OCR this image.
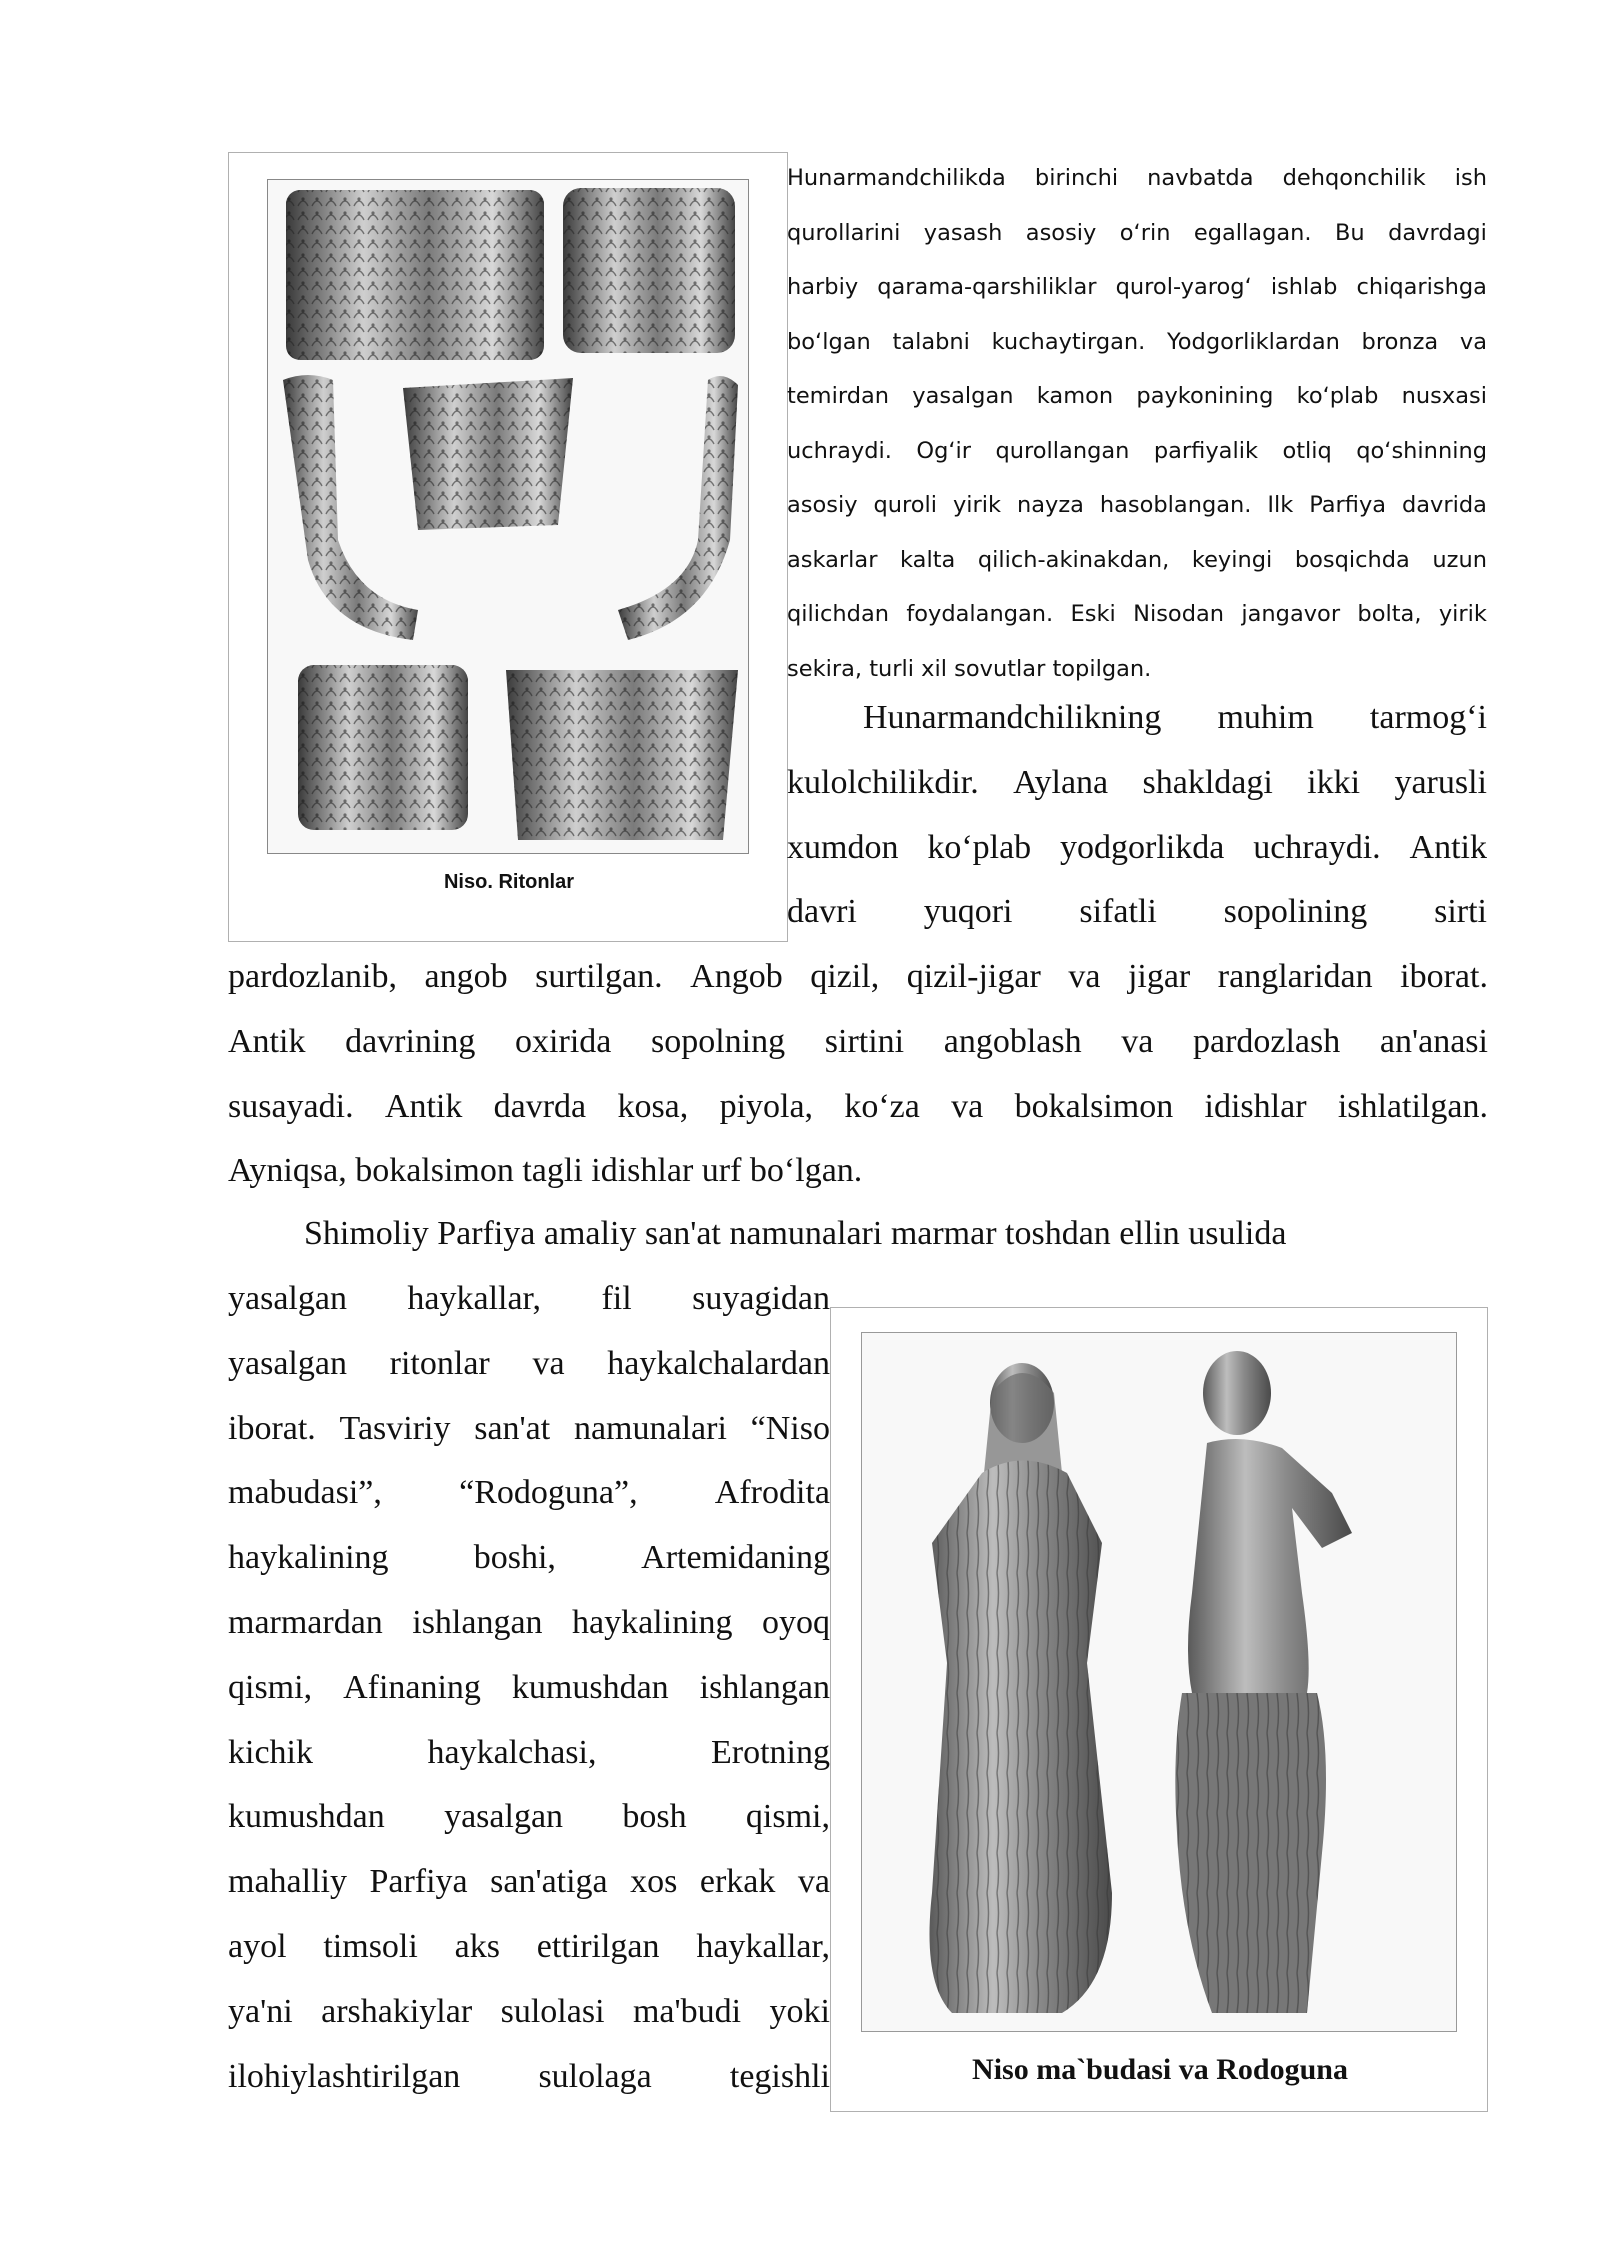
Niso. Ritonlar
Hunarmandchilikda birinchi navbatda dehqonchilik ish
qurollarini yasash asosiy oʻrin egallagan. Bu davrdagi
harbiy qarama-qarshiliklar qurol-yarogʻ ishlab chiqarishga
boʻlgan talabni kuchaytirgan. Yodgorliklardan bronza va
temirdan yasalgan kamon paykonining koʻplab nusxasi
uchraydi. Ogʻir qurollangan parfiyalik otliq qoʻshinning
asosiy quroli yirik nayza hasoblangan. Ilk Parfiya davrida
askarlar kalta qilich-akinakdan, keyingi bosqichda uzun
qilichdan foydalangan. Eski Nisodan jangavor bolta, yirik
sekira, turli xil sovutlar topilgan.
Hunarmandchilikning muhim tarmogʻi
kulolchilikdir. Aylana shakldagi ikki yarusli
xumdon koʻplab yodgorlikda uchraydi. Antik
davri yuqori sifatli sopolining sirti
pardozlanib, angob surtilgan. Angob qizil, qizil-jigar va jigar ranglaridan iborat.
Antik davrining oxirida sopolning sirtini angoblash va pardozlash an'anasi
susayadi. Antik davrda kosa, piyola, koʻza va bokalsimon idishlar ishlatilgan.
Ayniqsa, bokalsimon tagli idishlar urf boʻlgan.
Shimoliy Parfiya amaliy san'at namunalari marmar toshdan ellin usulida
yasalgan haykallar, fil suyagidan
yasalgan ritonlar va haykalchalardan
iborat. Tasviriy san'at namunalari “Niso
mabudasi”, “Rodoguna”, Afrodita
haykalining	boshi,	Artemidaning
marmardan ishlangan haykalining oyoq
qismi, Afinaning kumushdan ishlangan
kichik	haykalchasi,	Erotning
kumushdan yasalgan bosh qismi,
mahalliy Parfiya san'atiga xos erkak va
ayol timsoli aks ettirilgan haykallar,
ya'ni arshakiylar sulolasi ma'budi yoki
ilohiylashtirilgan sulolaga tegishli	Niso ma`budasi va Rodoguna
